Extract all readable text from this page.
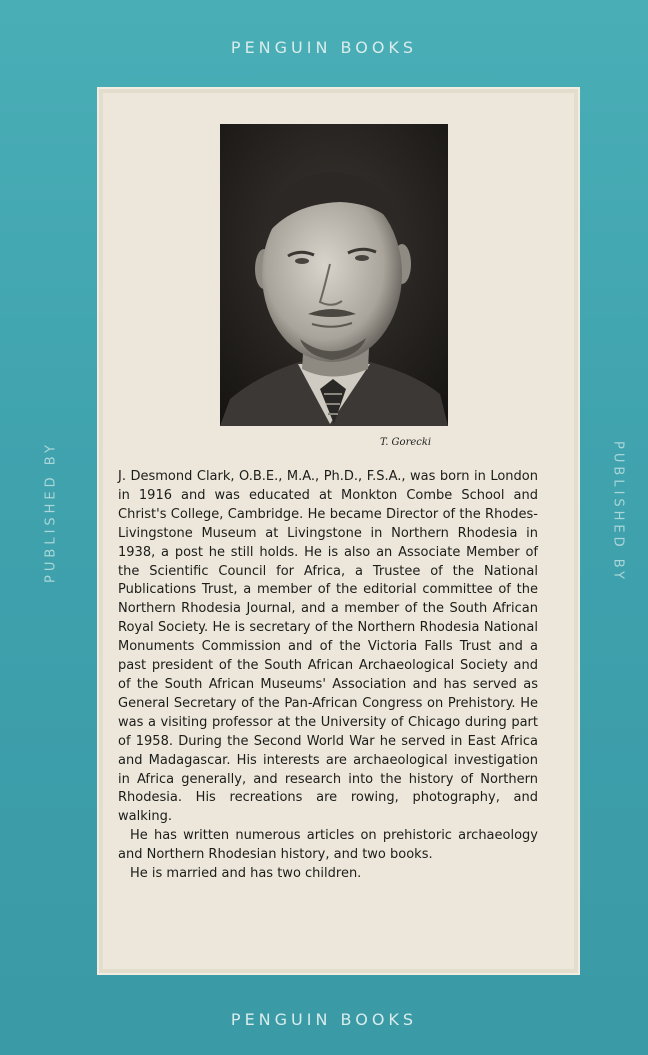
PENGUIN BOOKS
PUBLISHED BY	PUBLISHED BY
T. Gorecki

J. Desmond Clark, O.B.E., M.A., Ph.D., F.S.A., was born in London in 1916 and was educated at Monkton Combe School and Christ's College, Cambridge. He became Director of the Rhodes-Livingstone Museum at Livingstone in Northern Rhodesia in 1938, a post he still holds. He is also an Associate Member of the Scientific Council for Africa, a Trustee of the National Publications Trust, a member of the editorial committee of the Northern Rhodesia Journal, and a member of the South African Royal Society. He is secretary of the Northern Rhodesia National Monuments Commission and of the Victoria Falls Trust and a past president of the South African Archaeological Society and of the South African Museums' Association and has served as General Secretary of the Pan-African Congress on Prehistory. He was a visiting professor at the University of Chicago during part of 1958. During the Second World War he served in East Africa and Madagascar. His interests are archaeological investigation in Africa generally, and research into the history of Northern Rhodesia. His recreations are rowing, photography, and walking.

He has written numerous articles on prehistoric archaeology and Northern Rhodesian history, and two books.

He is married and has two children.

PENGUIN BOOKS
